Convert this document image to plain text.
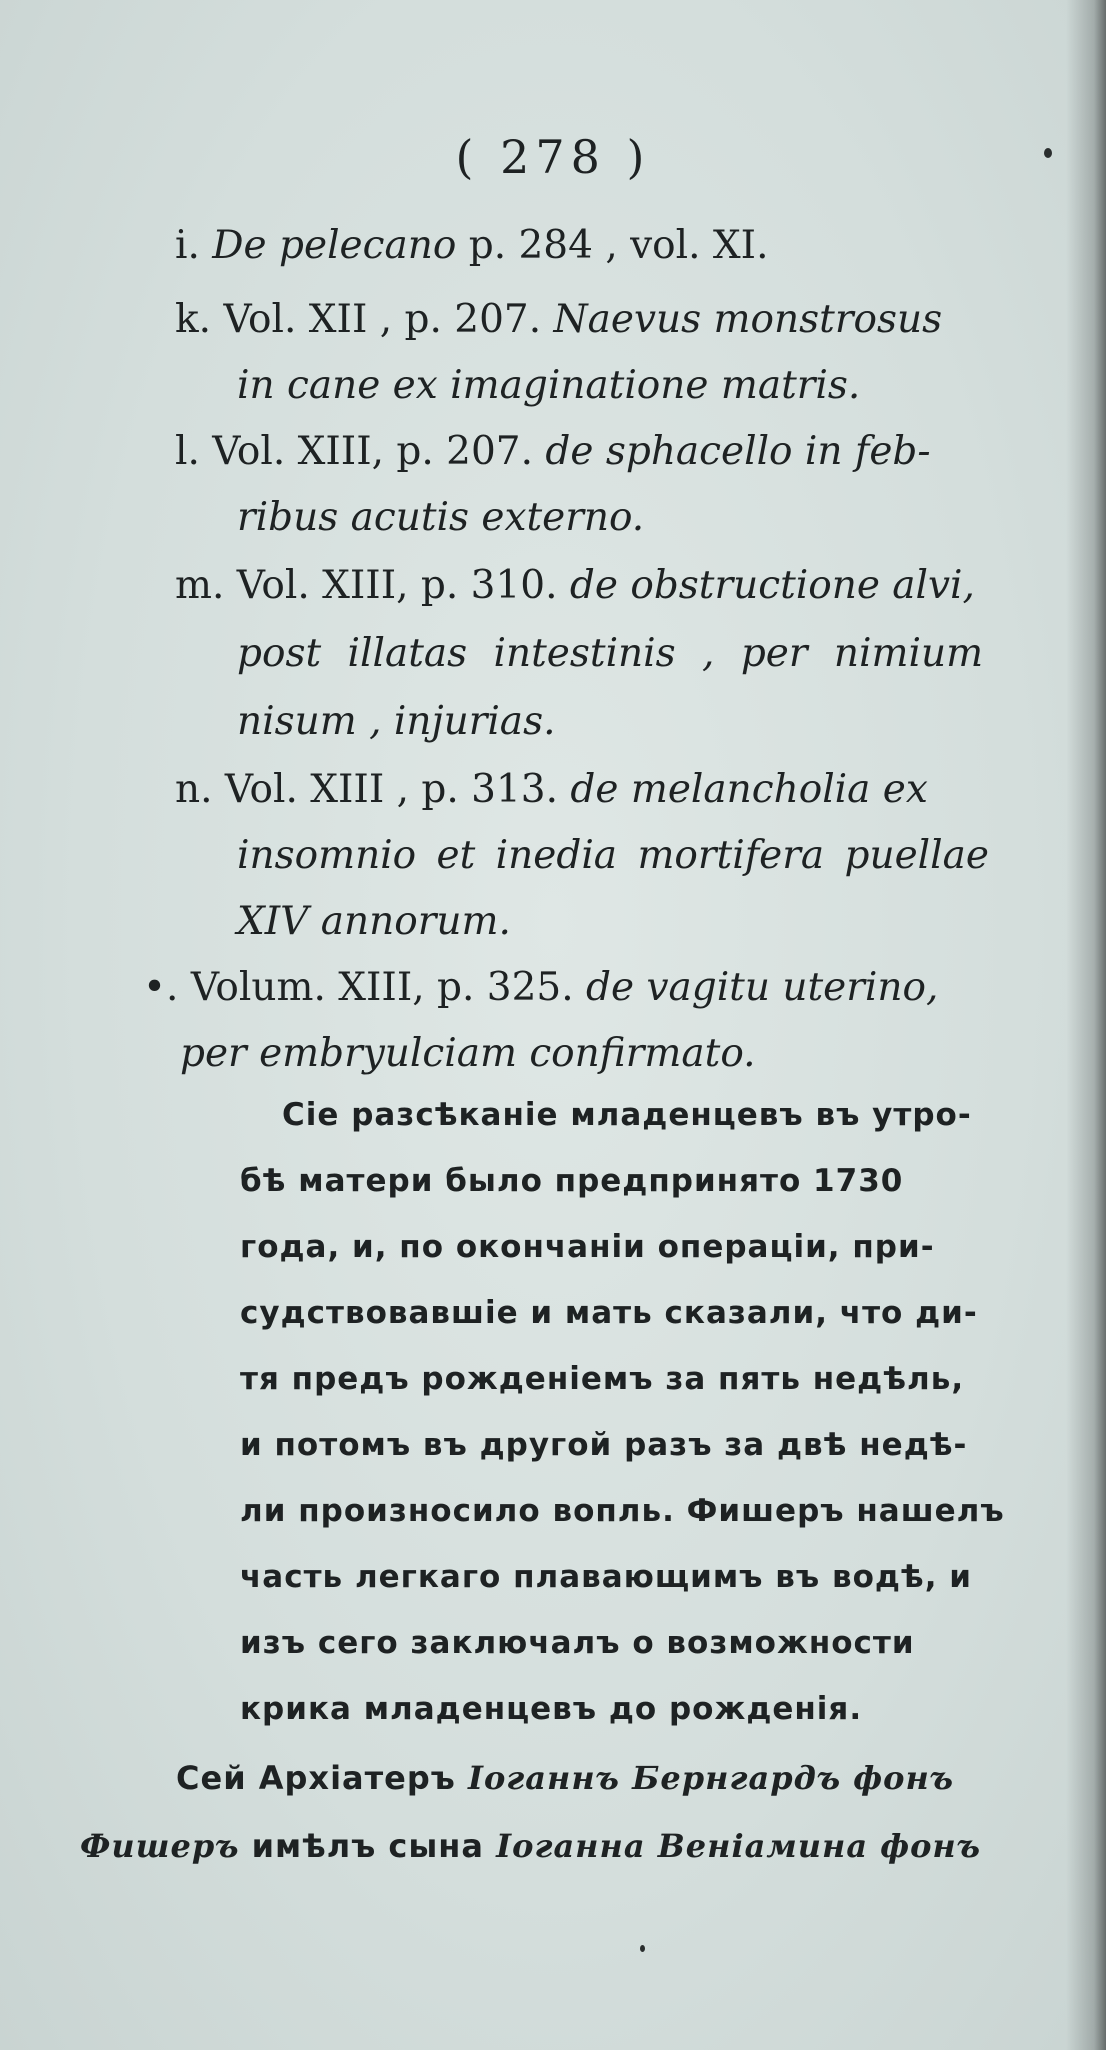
( 278 )
i. De pelecano p. 284 , vol. XI.
k. Vol. XII , p. 207. Naevus monstrosus
in cane ex imaginatione matris.
l. Vol. XIII, p. 207. de sphacello in feb-
ribus acutis externo.
m. Vol. XIII, p. 310. de obstructione alvi,
post illatas intestinis , per nimium
nisum , injurias.
n. Vol. XIII , p. 313. de melancholia ex
insomnio et inedia mortifera puellae
XIV annorum.
•. Volum. XIII, p. 325. de vagitu uterino,
per embryulciam confirmato.
Сіе разсѣканіе младенцевъ въ утро-
бѣ матери было предпринято 1730
года, и, по окончаніи операціи, при-
судствовавшіе и мать сказали, что ди-
тя предъ рожденіемъ за пять недѣль,
и потомъ въ другой разъ за двѣ недѣ-
ли произносило вопль. Фишеръ нашелъ
часть легкаго плавающимъ въ водѣ, и
изъ сего заключалъ о возможности
крика младенцевъ до рожденія.
Сей Архіатеръ Іоганнъ Бернгардъ фонъ
Фишеръ имѣлъ сына Іоганна Веніамина фонъ
